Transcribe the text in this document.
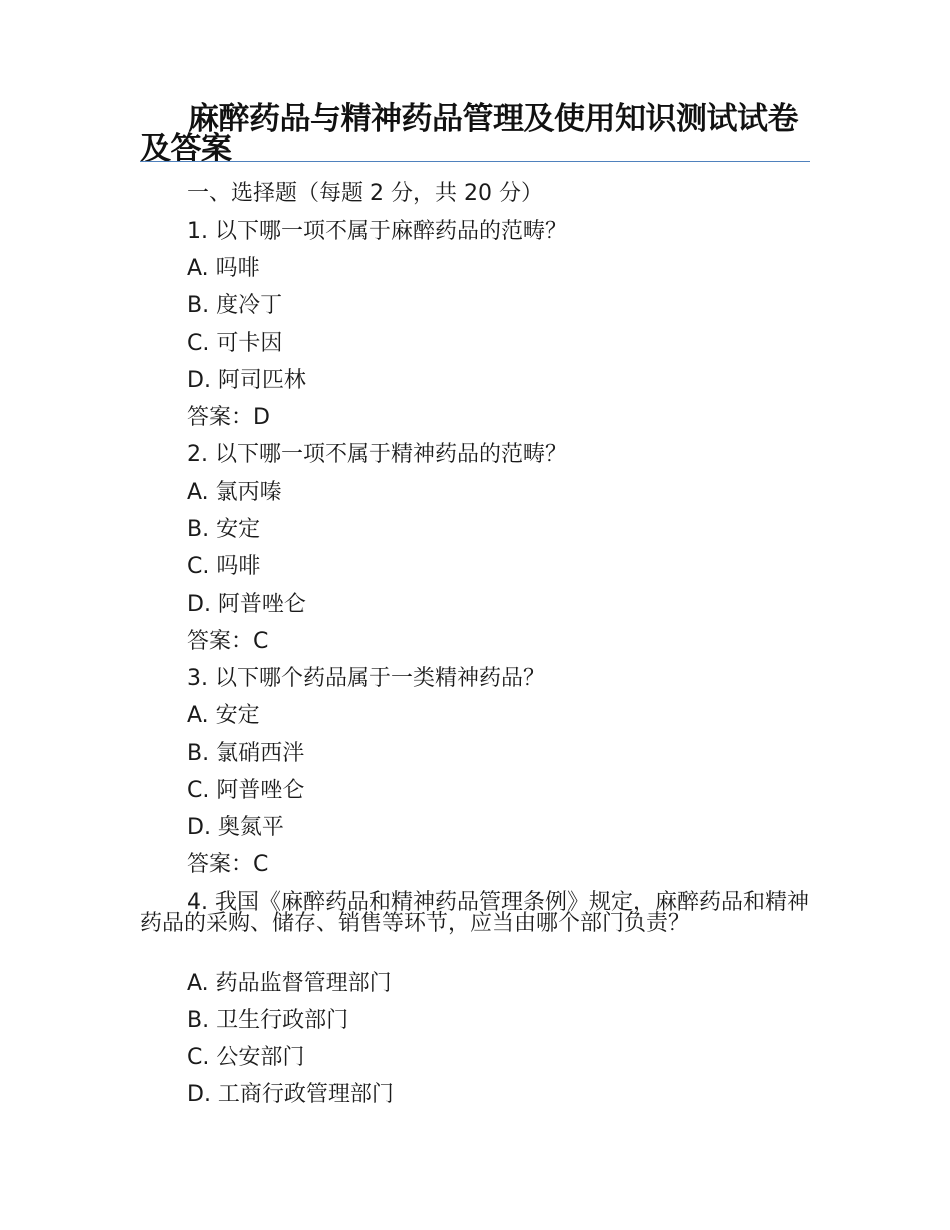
麻醉药品与精神药品管理及使用知识测试试卷及答案
一、选择题（每题 2 分，共 20 分）
1. 以下哪一项不属于麻醉药品的范畴？
A. 吗啡
B. 度冷丁
C. 可卡因
D. 阿司匹林
答案：D
2. 以下哪一项不属于精神药品的范畴？
A. 氯丙嗪
B. 安定
C. 吗啡
D. 阿普唑仑
答案：C
3. 以下哪个药品属于一类精神药品？
A. 安定
B. 氯硝西泮
C. 阿普唑仑
D. 奥氮平
答案：C
4. 我国《麻醉药品和精神药品管理条例》规定，麻醉药品和精神药品的采购、储存、销售等环节，应当由哪个部门负责？
A. 药品监督管理部门
B. 卫生行政部门
C. 公安部门
D. 工商行政管理部门
